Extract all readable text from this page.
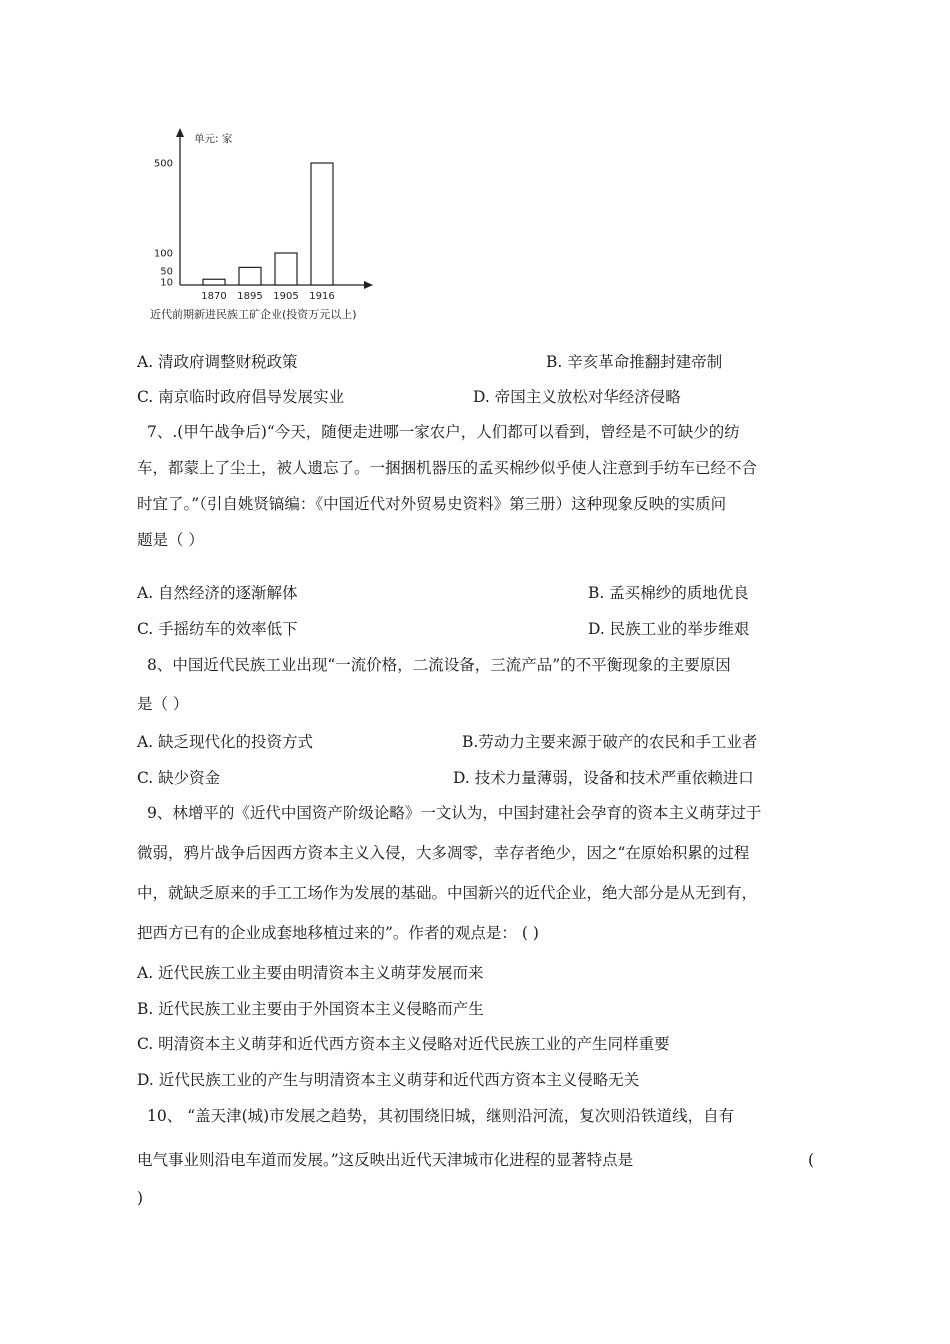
单元: 家
500
100
50
10
1870 1895 1905 1916
近代前期新进民族工矿企业(投资万元以上)
A. 清政府调整财税政策	B. 辛亥革命推翻封建帝制
C. 南京临时政府倡导发展实业	D. 帝国主义放松对华经济侵略
7、.(甲午战争后)“今天，随便走进哪一家农户，人们都可以看到，曾经是不可缺少的纺
车，都蒙上了尘土，被人遗忘了。一捆捆机器压的孟买棉纱似乎使人注意到手纺车已经不合
时宜了。”（引自姚贤镐编：《中国近代对外贸易史资料》第三册）这种现象反映的实质问
题是（ ）
A. 自然经济的逐渐解体	B. 孟买棉纱的质地优良
C. 手摇纺车的效率低下	D. 民族工业的举步维艰
8、中国近代民族工业出现“一流价格，二流设备，三流产品”的不平衡现象的主要原因
是（ ）
A. 缺乏现代化的投资方式	B.劳动力主要来源于破产的农民和手工业者
C. 缺少资金	D. 技术力量薄弱，设备和技术严重依赖进口
9、林增平的《近代中国资产阶级论略》一文认为，中国封建社会孕育的资本主义萌芽过于
微弱，鸦片战争后因西方资本主义入侵，大多凋零，幸存者绝少，因之“在原始积累的过程
中，就缺乏原来的手工工场作为发展的基础。中国新兴的近代企业，绝大部分是从无到有，
把西方已有的企业成套地移植过来的”。作者的观点是： ( )
A. 近代民族工业主要由明清资本主义萌芽发展而来
B. 近代民族工业主要由于外国资本主义侵略而产生
C. 明清资本主义萌芽和近代西方资本主义侵略对近代民族工业的产生同样重要
D. 近代民族工业的产生与明清资本主义萌芽和近代西方资本主义侵略无关
10、 “盖天津(城)市发展之趋势，其初围绕旧城，继则沿河流，复次则沿铁道线，自有
电气事业则沿电车道而发展。”这反映出近代天津城市化进程的显著特点是	(
)
